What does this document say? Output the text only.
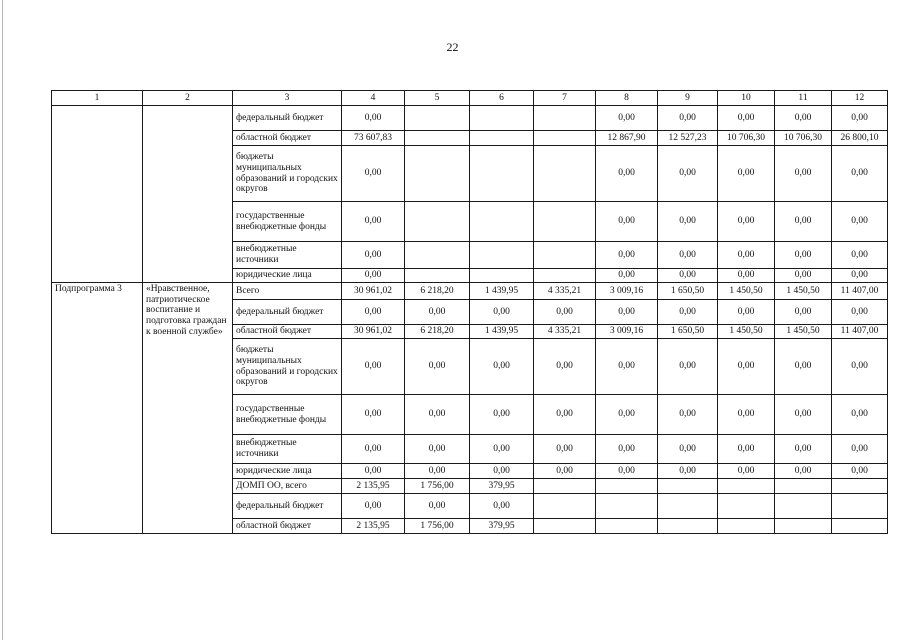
22
1	2	3	4	5	6	7	8	9	10	11	12
		федеральный бюджет	0,00				0,00	0,00	0,00	0,00	0,00
		областной бюджет	73 607,83				12 867,90	12 527,23	10 706,30	10 706,30	26 800,10
		бюджеты муниципальных образований и городских округов	0,00				0,00	0,00	0,00	0,00	0,00
		государственные внебюджетные фонды	0,00				0,00	0,00	0,00	0,00	0,00
		внебюджетные источники	0,00				0,00	0,00	0,00	0,00	0,00
		юридические лица	0,00				0,00	0,00	0,00	0,00	0,00
Подпрограмма 3	«Нравственное, патриотическое воспитание и подготовка граждан к военной службе»	Всего	30 961,02	6 218,20	1 439,95	4 335,21	3 009,16	1 650,50	1 450,50	1 450,50	11 407,00
		федеральный бюджет	0,00	0,00	0,00	0,00	0,00	0,00	0,00	0,00	0,00
		областной бюджет	30 961,02	6 218,20	1 439,95	4 335,21	3 009,16	1 650,50	1 450,50	1 450,50	11 407,00
		бюджеты муниципальных образований и городских округов	0,00	0,00	0,00	0,00	0,00	0,00	0,00	0,00	0,00
		государственные внебюджетные фонды	0,00	0,00	0,00	0,00	0,00	0,00	0,00	0,00	0,00
		внебюджетные источники	0,00	0,00	0,00	0,00	0,00	0,00	0,00	0,00	0,00
		юридические лица	0,00	0,00	0,00	0,00	0,00	0,00	0,00	0,00	0,00
		ДОМП ОО, всего	2 135,95	1 756,00	379,95						
		федеральный бюджет	0,00	0,00	0,00						
		областной бюджет	2 135,95	1 756,00	379,95						
